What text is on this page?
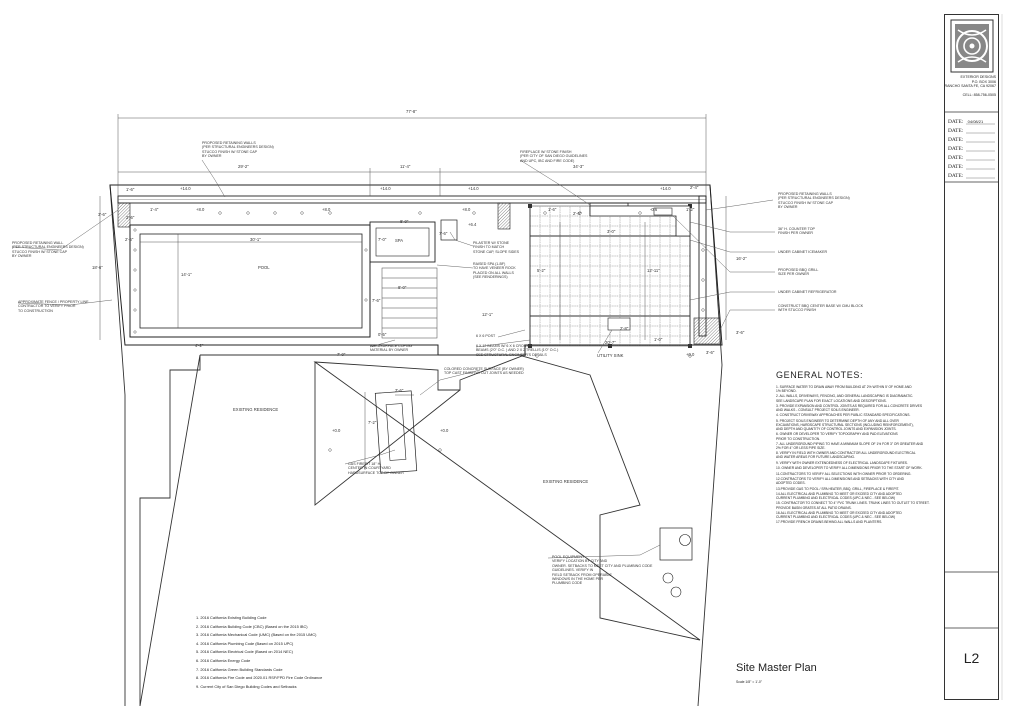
EXTERIOR DESIGNS
P.O. BOX 3006
RANCHO SANTA FE, CA 92067
CELL: 858-756-0505
DATE: 04/08/21
DATE:
DATE:
DATE:
DATE:
DATE:
DATE:
L2
Site Master Plan
Scale 1/8" = 1'-0"
77'-8"
29'-2"	11'-4"	34'-3"
1'-6"	2'-4"
3'-6"
2'-6"	30'-1"
14'-1"
18'-6"
8'-0"
7'-0"
7'-6"
8'-0"
7'-6"
4'-2"
7'-0"
1'-4"
2'-6"
3'-0"
12'-11"
12'-1"
16'-2"
3'-6"
20'-7"
1'-6"
3'-6"
1'-0"
5'-2"
2'-8"
3'-6"
7'-2"
1'-2"
2'-6"
0'-5"
+14.0	+14.0	+14.0	+14.0
+8.0	+8.0	+8.0
+6.4
-0.6
+0.0	+0.0
+0.0
POOL
SPA
EXISTING RESIDENCE
EXISTING RESIDENCE
UTILITY SINK
PROPOSED RETAINING WALLS
(PER STRUCTURAL ENGINEERS DESIGN)
STUCCO FINISH W/ STONE CAP
BY OWNER
FIREPLACE W/ STONE FINISH
(PER CITY OF SAN DIEGO GUIDELINES
AND UPC, IBC AND FIRE CODE)
PROPOSED RETAINING WALLS
(PER STRUCTURAL ENGINEERS DESIGN)
STUCCO FINISH W/ STONE CAP
BY OWNER
PROPOSED RETAINING WALL
(PER STRUCTURAL ENGINEERS DESIGN)
STUCCO FINISH W/ STONE CAP
BY OWNER
APPROXIMATE FENCE / PROPERTY LINE
CONTRACTOR TO VERIFY PRIOR
TO CONSTRUCTION
PILASTER W/ STONE
FINISH TO MATCH
STONE CAP, SLOPE SIDES
RAISED SPA (1-BF)
TO HAVE VENEER ROCK
PLACED ON ALL WALLS
(SEE RENDERINGS)
36" H. COUNTER TOP
FINISH PER OWNER
UNDER CABINET ICEMAKER
PROPOSED BBQ GRILL
SIZE PER OWNER
UNDER CABINET REFRIGERATOR
CONSTRUCT BBQ CENTER BASE W/ CMU BLOCK
WITH STUCCO FINISH
HARDSURFACE COPING
MATERIAL BY OWNER
6 X 6 POST
6 X 12 BEAMS W/ 6 X 6 CROSS
BEAMS (2'0" O.C. ) AND 2 X 2 TRELLIS (1'0" O.C.)
SEE STRUCTURAL ENGINEER'S DETAILS
COLORED CONCRETE SURFACE (BY OWNER)
TOP CAST FINISH W/ CUT JOINTS AS NEEDED
GAS FIREPIT 18" H.
CENTER IN COURTYARD
HARDSURFACE TOP BY OWNER
POOL EQUIPMENT
VERIFY LOCATION BY CITY AND
OWNER. SETBACKS TO MEET CITY AND PLUMBING CODE
GUIDELINES. VERIFY IN
FIELD SETBACK FROM OPERABLE
WINDOWS IN THE HOME PER
PLUMBING CODE
GENERAL NOTES:
1. SURFACE WATER TO DRAIN AWAY FROM BUILDING AT 2% WITHIN 5' OF HOME AND
1% BEYOND.
2. ALL WALLS, DRIVEWAYS, FENCING, AND GENERAL LANDSCAPING IS DIAGRAMATIC.
SEE LANDSCAPE PLAN FOR EXACT LOCATIONS AND DESCRIPTIONS.
3. PROVIDE EXPANSION AND CONTROL JOINTS AS REQUIRED FOR ALL CONCRETE DRIVES
AND WALKS - CONSULT PROJECT SOILS ENGINEER.
4. CONSTRUCT DRIVEWAY APPROACHES PER PUBLIC STANDARD SPECIFICATIONS.
5. PROJECT SOILS ENGINEER TO DETERMINE DEPTH OF ANY AND ALL OVER
EXCAVATIONS, HARDSCAPE STRUCTURAL SECTIONS (INCLUDING REINFORCEMENT),
AND DEPTH AND QUANTITY OF CONTROL JOINTS AND EXPANSION JOINTS.
6. OWNER OR DEVELOPER TO VERIFY TOPOGRAPHY AND PAD ELEVATIONS
PRIOR TO CONSTRUCTION.
7. ALL UNDERGROUND PIPING TO HAVE A MINIMUM SLOPE OF 1% FOR 3" OR GREATER AND
2% FOR 4" OR LESS PIPE SIZE.
8. VERIFY IN FIELD WITH OWNER AND CONTRACTOR ALL UNDERGROUND ELECTRICAL
AND WATER AREAS FOR FUTURE LANDSCAPING.
9. VERIFY WITH OWNER EXTENDEDNESS OF ELECTRICAL LANDSCAPE FIXTURES.
10. OWNER AND DEVELOPER TO VERIFY ALL DIMENSIONS PRIOR TO THE START OF WORK.
11.CONTRACTORS TO VERIFY ALL SELECTIONS WITH OWNER PRIOR TO ORDERING.
12.CONTRACTORS TO VERIFY ALL DIMENSIONS AND SETBACKS WITH CITY AND
ADOPTED CODES.
13.PROVIDE GAS TO POOL / SPA HEATER, BBQ, GRILL, FIREPLACE & FIREPIT.
14.ALL ELECTRICAL AND PLUMBING TO MEET OR EXCEED CITY AND ADOPTED
CURRENT PLUMBING AND ELECTRICAL CODES (UPC & NEC - SEE BELOW)
15. CONTRACTOR TO CONNECT TO 4" PVC TRUNK LINES. TRUNK LINES TO OUTLET TO STREET.
PROVIDE BASIN GRATES AT ALL PATIO DRAINS.
16.ALL ELECTRICAL AND PLUMBING TO MEET OR EXCEED CITY AND ADOPTED
CURRENT PLUMBING AND ELECTRICAL CODES (UPC & NEC - SEE BELOW)
17.PROVIDE FRENCH DRAINS BEHIND ALL WALLS AND PLANTERS.
1. 2016 California Existing Building Code
2. 2016 California Building Code (CBC) (Based on the 2015 IBC)
3. 2016 California Mechanical Code (UMC) (Based on the 2015 UMC)
4. 2016 California Plumbing Code (Based on 2015 UPC)
5. 2016 California Electrical Code (Based on 2014 NEC)
6. 2016 California Energy Code
7. 2016 California Green Building Standards Code
8. 2016 California Fire Code and 2020.01 RSF/FPD Fire Code Ordinance
9. Current City of San Diego Building Codes and Setbacks
